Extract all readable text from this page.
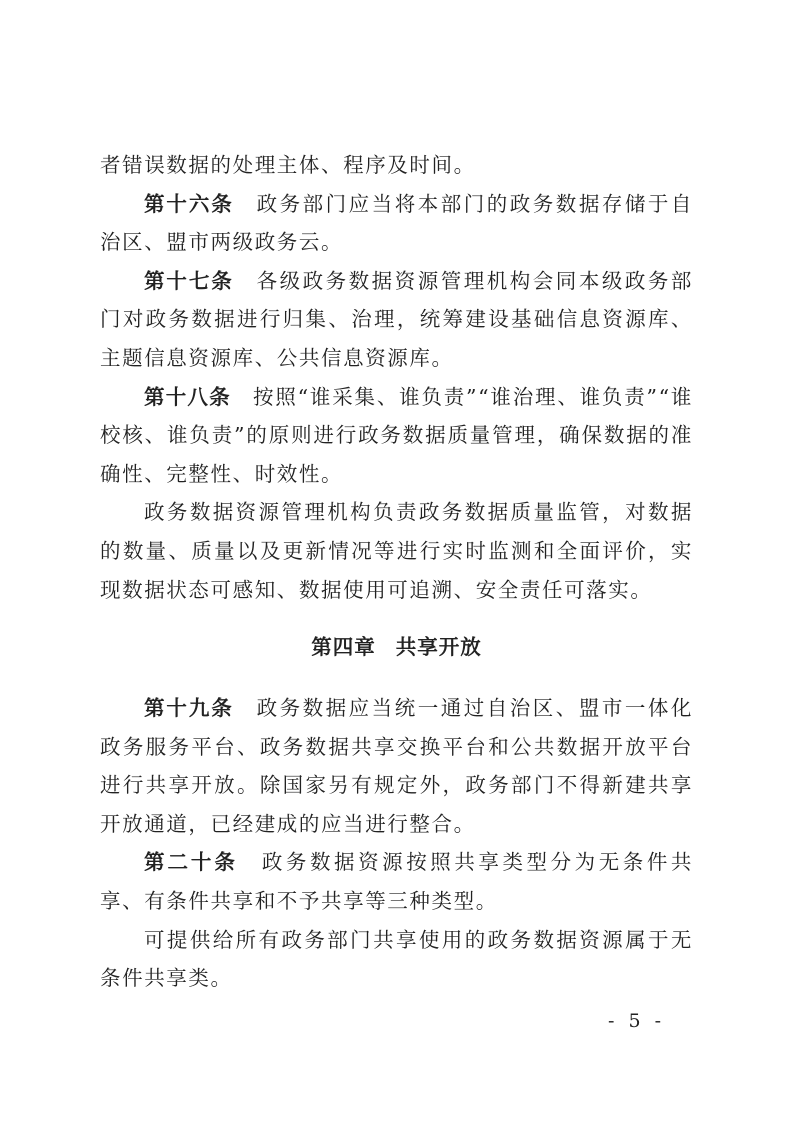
者错误数据的处理主体、程序及时间。

第十六条 政务部门应当将本部门的政务数据存储于自治区、盟市两级政务云。

第十七条 各级政务数据资源管理机构会同本级政务部门对政务数据进行归集、治理，统筹建设基础信息资源库、主题信息资源库、公共信息资源库。

第十八条 按照“谁采集、谁负责”“谁治理、谁负责”“谁校核、谁负责”的原则进行政务数据质量管理，确保数据的准确性、完整性、时效性。

政务数据资源管理机构负责政务数据质量监管，对数据的数量、质量以及更新情况等进行实时监测和全面评价，实现数据状态可感知、数据使用可追溯、安全责任可落实。

第四章 共享开放

第十九条 政务数据应当统一通过自治区、盟市一体化政务服务平台、政务数据共享交换平台和公共数据开放平台进行共享开放。除国家另有规定外，政务部门不得新建共享开放通道，已经建成的应当进行整合。

第二十条 政务数据资源按照共享类型分为无条件共享、有条件共享和不予共享等三种类型。

可提供给所有政务部门共享使用的政务数据资源属于无条件共享类。

- 5 -
